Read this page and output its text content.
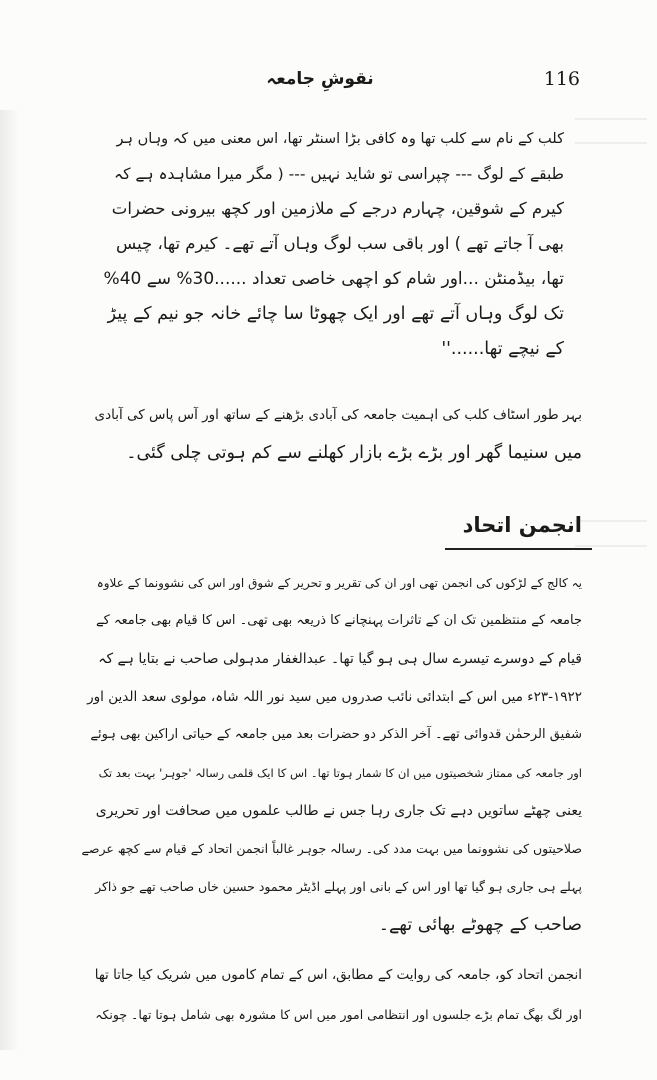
116
نقوشِ جامعہ
کلب کے نام سے کلب تھا وہ کافی بڑا اسنٹر تھا، اس معنی میں کہ وہاں ہر
طبقے کے لوگ --- چپراسی تو شاید نہیں --- ( مگر میرا مشاہدہ ہے کہ
کیرم کے شوقین، چہارم درجے کے ملازمین اور کچھ بیرونی حضرات
بھی آ جاتے تھے ) اور باقی سب لوگ وہاں آتے تھے۔ کیرم تھا، چیس
تھا، بیڈمنٹن ...اور شام کو اچھی خاصی تعداد ......30% سے 40%
تک لوگ وہاں آتے تھے اور ایک چھوٹا سا چائے خانہ جو نیم کے پیڑ
کے نیچے تھا......''
بہر طور اسٹاف کلب کی اہمیت جامعہ کی آبادی بڑھنے کے ساتھ اور آس پاس کی آبادی
میں سنیما گھر اور بڑے بڑے بازار کھلنے سے کم ہوتی چلی گئی۔
انجمن اتحاد
یہ کالج کے لڑکوں کی انجمن تھی اور ان کی تقریر و تحریر کے شوق اور اس کی نشوونما کے علاوہ
جامعہ کے منتظمین تک ان کے تاثرات پہنچانے کا ذریعہ بھی تھی۔ اس کا قیام بھی جامعہ کے
قیام کے دوسرے تیسرے سال ہی ہو گیا تھا۔ عبدالغفار مدہولی صاحب نے بتایا ہے کہ
۲۳-۱۹۲۲ء میں اس کے ابتدائی نائب صدروں میں سید نور اللہ شاہ، مولوی سعد الدین اور
شفیق الرحمٰن قدوائی تھے۔ آخر الذکر دو حضرات بعد میں جامعہ کے حیاتی اراکین بھی ہوئے
اور جامعہ کی ممتاز شخصیتوں میں ان کا شمار ہوتا تھا۔ اس کا ایک قلمی رسالہ 'جوہر' بہت بعد تک
یعنی چھٹے ساتویں دہے تک جاری رہا جس نے طالب علموں میں صحافت اور تحریری
صلاحیتوں کی نشوونما میں بہت مدد کی۔ رسالہ جوہر غالباً انجمن اتحاد کے قیام سے کچھ عرصے
پہلے ہی جاری ہو گیا تھا اور اس کے بانی اور پہلے اڈیٹر محمود حسین خاں صاحب تھے جو ذاکر
صاحب کے چھوٹے بھائی تھے۔
انجمن اتحاد کو، جامعہ کی روایت کے مطابق، اس کے تمام کاموں میں شریک کیا جاتا تھا
اور لگ بھگ تمام بڑے جلسوں اور انتظامی امور میں اس کا مشورہ بھی شامل ہوتا تھا۔ چونکہ
